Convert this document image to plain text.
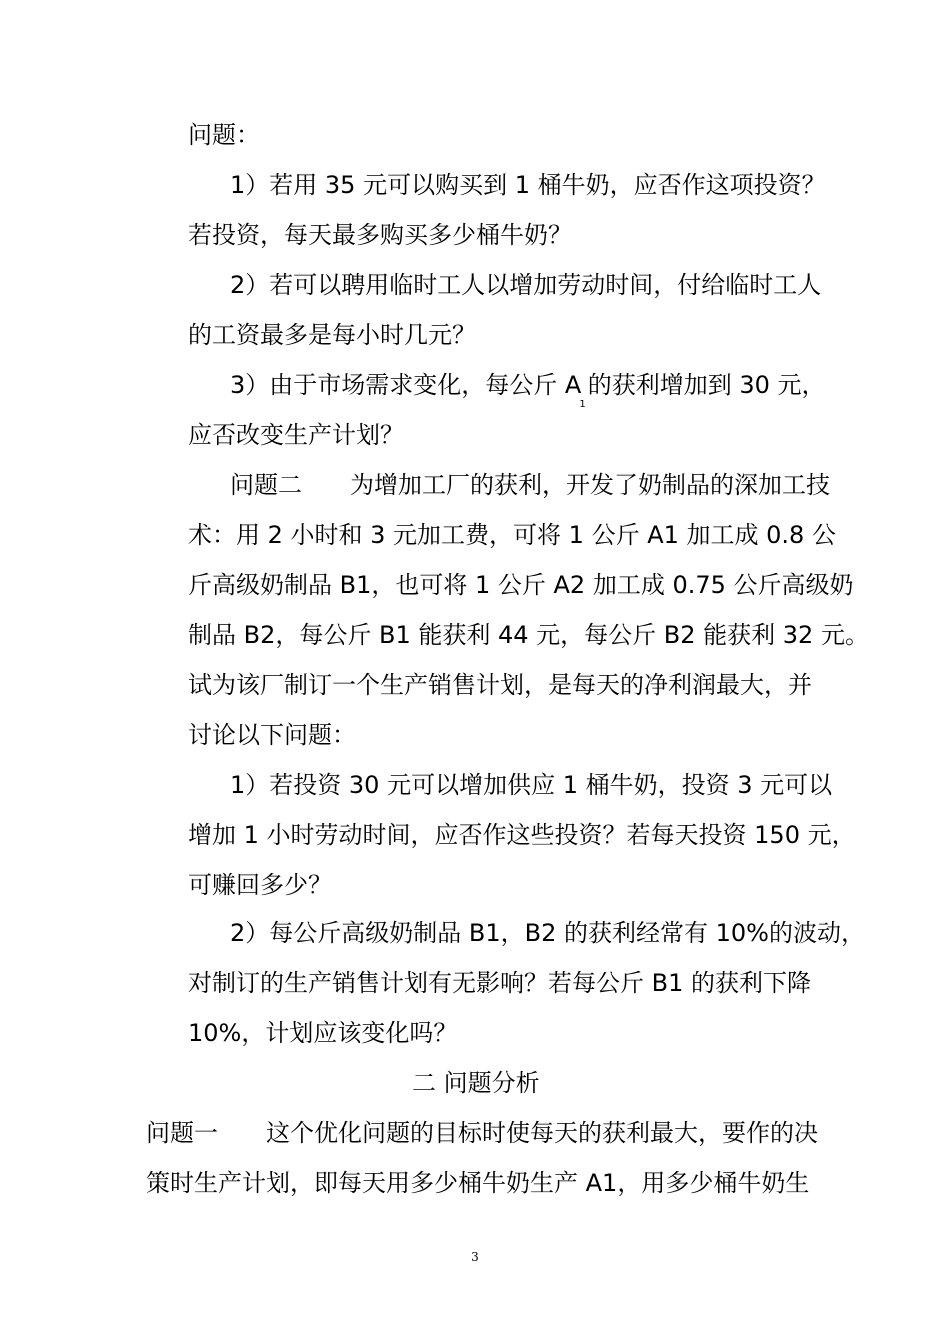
问题：
1）若用 35 元可以购买到 1 桶牛奶，应否作这项投资？
若投资，每天最多购买多少桶牛奶？
2）若可以聘用临时工人以增加劳动时间，付给临时工人
的工资最多是每小时几元？
3）由于市场需求变化，每公斤 $A_1$的获利增加到 30 元，
应否改变生产计划？
问题二　　为增加工厂的获利，开发了奶制品的深加工技
术：用 2 小时和 3 元加工费，可将 1 公斤 A1 加工成 0.8 公
斤高级奶制品 B1，也可将 1 公斤 A2 加工成 0.75 公斤高级奶
制品 B2，每公斤 B1 能获利 44 元，每公斤 B2 能获利 32 元。
试为该厂制订一个生产销售计划，是每天的净利润最大，并
讨论以下问题：
1）若投资 30 元可以增加供应 1 桶牛奶，投资 3 元可以
增加 1 小时劳动时间，应否作这些投资？若每天投资 150 元，
可赚回多少？
2）每公斤高级奶制品 B1，B2 的获利经常有 10%的波动，
对制订的生产销售计划有无影响？若每公斤 B1 的获利下降
10%，计划应该变化吗？
二 问题分析
问题一　　这个优化问题的目标时使每天的获利最大，要作的决
策时生产计划，即每天用多少桶牛奶生产 A1，用多少桶牛奶生
3
